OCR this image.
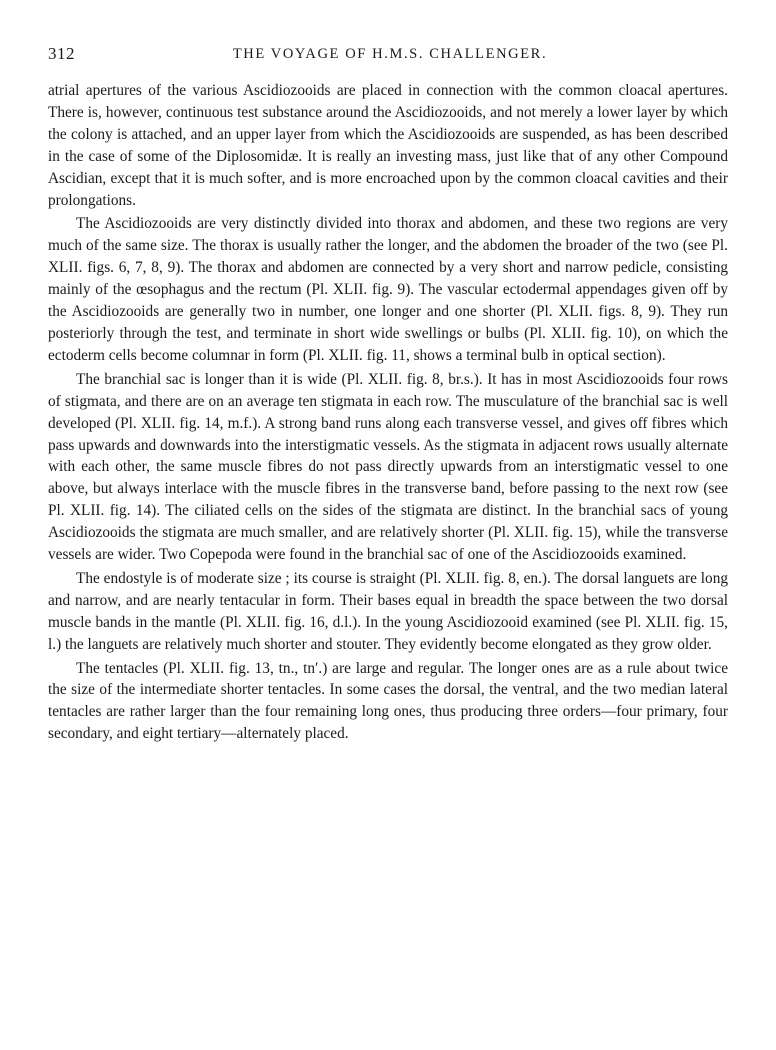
312	THE VOYAGE OF H.M.S. CHALLENGER.

atrial apertures of the various Ascidiozooids are placed in connection with the common cloacal apertures. There is, however, continuous test substance around the Ascidiozooids, and not merely a lower layer by which the colony is attached, and an upper layer from which the Ascidiozooids are suspended, as has been described in the case of some of the Diplosomidæ. It is really an investing mass, just like that of any other Compound Ascidian, except that it is much softer, and is more encroached upon by the common cloacal cavities and their prolongations.

The Ascidiozooids are very distinctly divided into thorax and abdomen, and these two regions are very much of the same size. The thorax is usually rather the longer, and the abdomen the broader of the two (see Pl. XLII. figs. 6, 7, 8, 9). The thorax and abdomen are connected by a very short and narrow pedicle, consisting mainly of the œsophagus and the rectum (Pl. XLII. fig. 9). The vascular ectodermal appendages given off by the Ascidiozooids are generally two in number, one longer and one shorter (Pl. XLII. figs. 8, 9). They run posteriorly through the test, and terminate in short wide swellings or bulbs (Pl. XLII. fig. 10), on which the ectoderm cells become columnar in form (Pl. XLII. fig. 11, shows a terminal bulb in optical section).

The branchial sac is longer than it is wide (Pl. XLII. fig. 8, br.s.). It has in most Ascidiozooids four rows of stigmata, and there are on an average ten stigmata in each row. The musculature of the branchial sac is well developed (Pl. XLII. fig. 14, m.f.). A strong band runs along each transverse vessel, and gives off fibres which pass upwards and downwards into the interstigmatic vessels. As the stigmata in adjacent rows usually alternate with each other, the same muscle fibres do not pass directly upwards from an interstigmatic vessel to one above, but always interlace with the muscle fibres in the transverse band, before passing to the next row (see Pl. XLII. fig. 14). The ciliated cells on the sides of the stigmata are distinct. In the branchial sacs of young Ascidiozooids the stigmata are much smaller, and are relatively shorter (Pl. XLII. fig. 15), while the transverse vessels are wider. Two Copepoda were found in the branchial sac of one of the Ascidiozooids examined.

The endostyle is of moderate size ; its course is straight (Pl. XLII. fig. 8, en.). The dorsal languets are long and narrow, and are nearly tentacular in form. Their bases equal in breadth the space between the two dorsal muscle bands in the mantle (Pl. XLII. fig. 16, d.l.). In the young Ascidiozooid examined (see Pl. XLII. fig. 15, l.) the languets are relatively much shorter and stouter. They evidently become elongated as they grow older.

The tentacles (Pl. XLII. fig. 13, tn., tn′.) are large and regular. The longer ones are as a rule about twice the size of the intermediate shorter tentacles. In some cases the dorsal, the ventral, and the two median lateral tentacles are rather larger than the four remaining long ones, thus producing three orders—four primary, four secondary, and eight tertiary—alternately placed.
